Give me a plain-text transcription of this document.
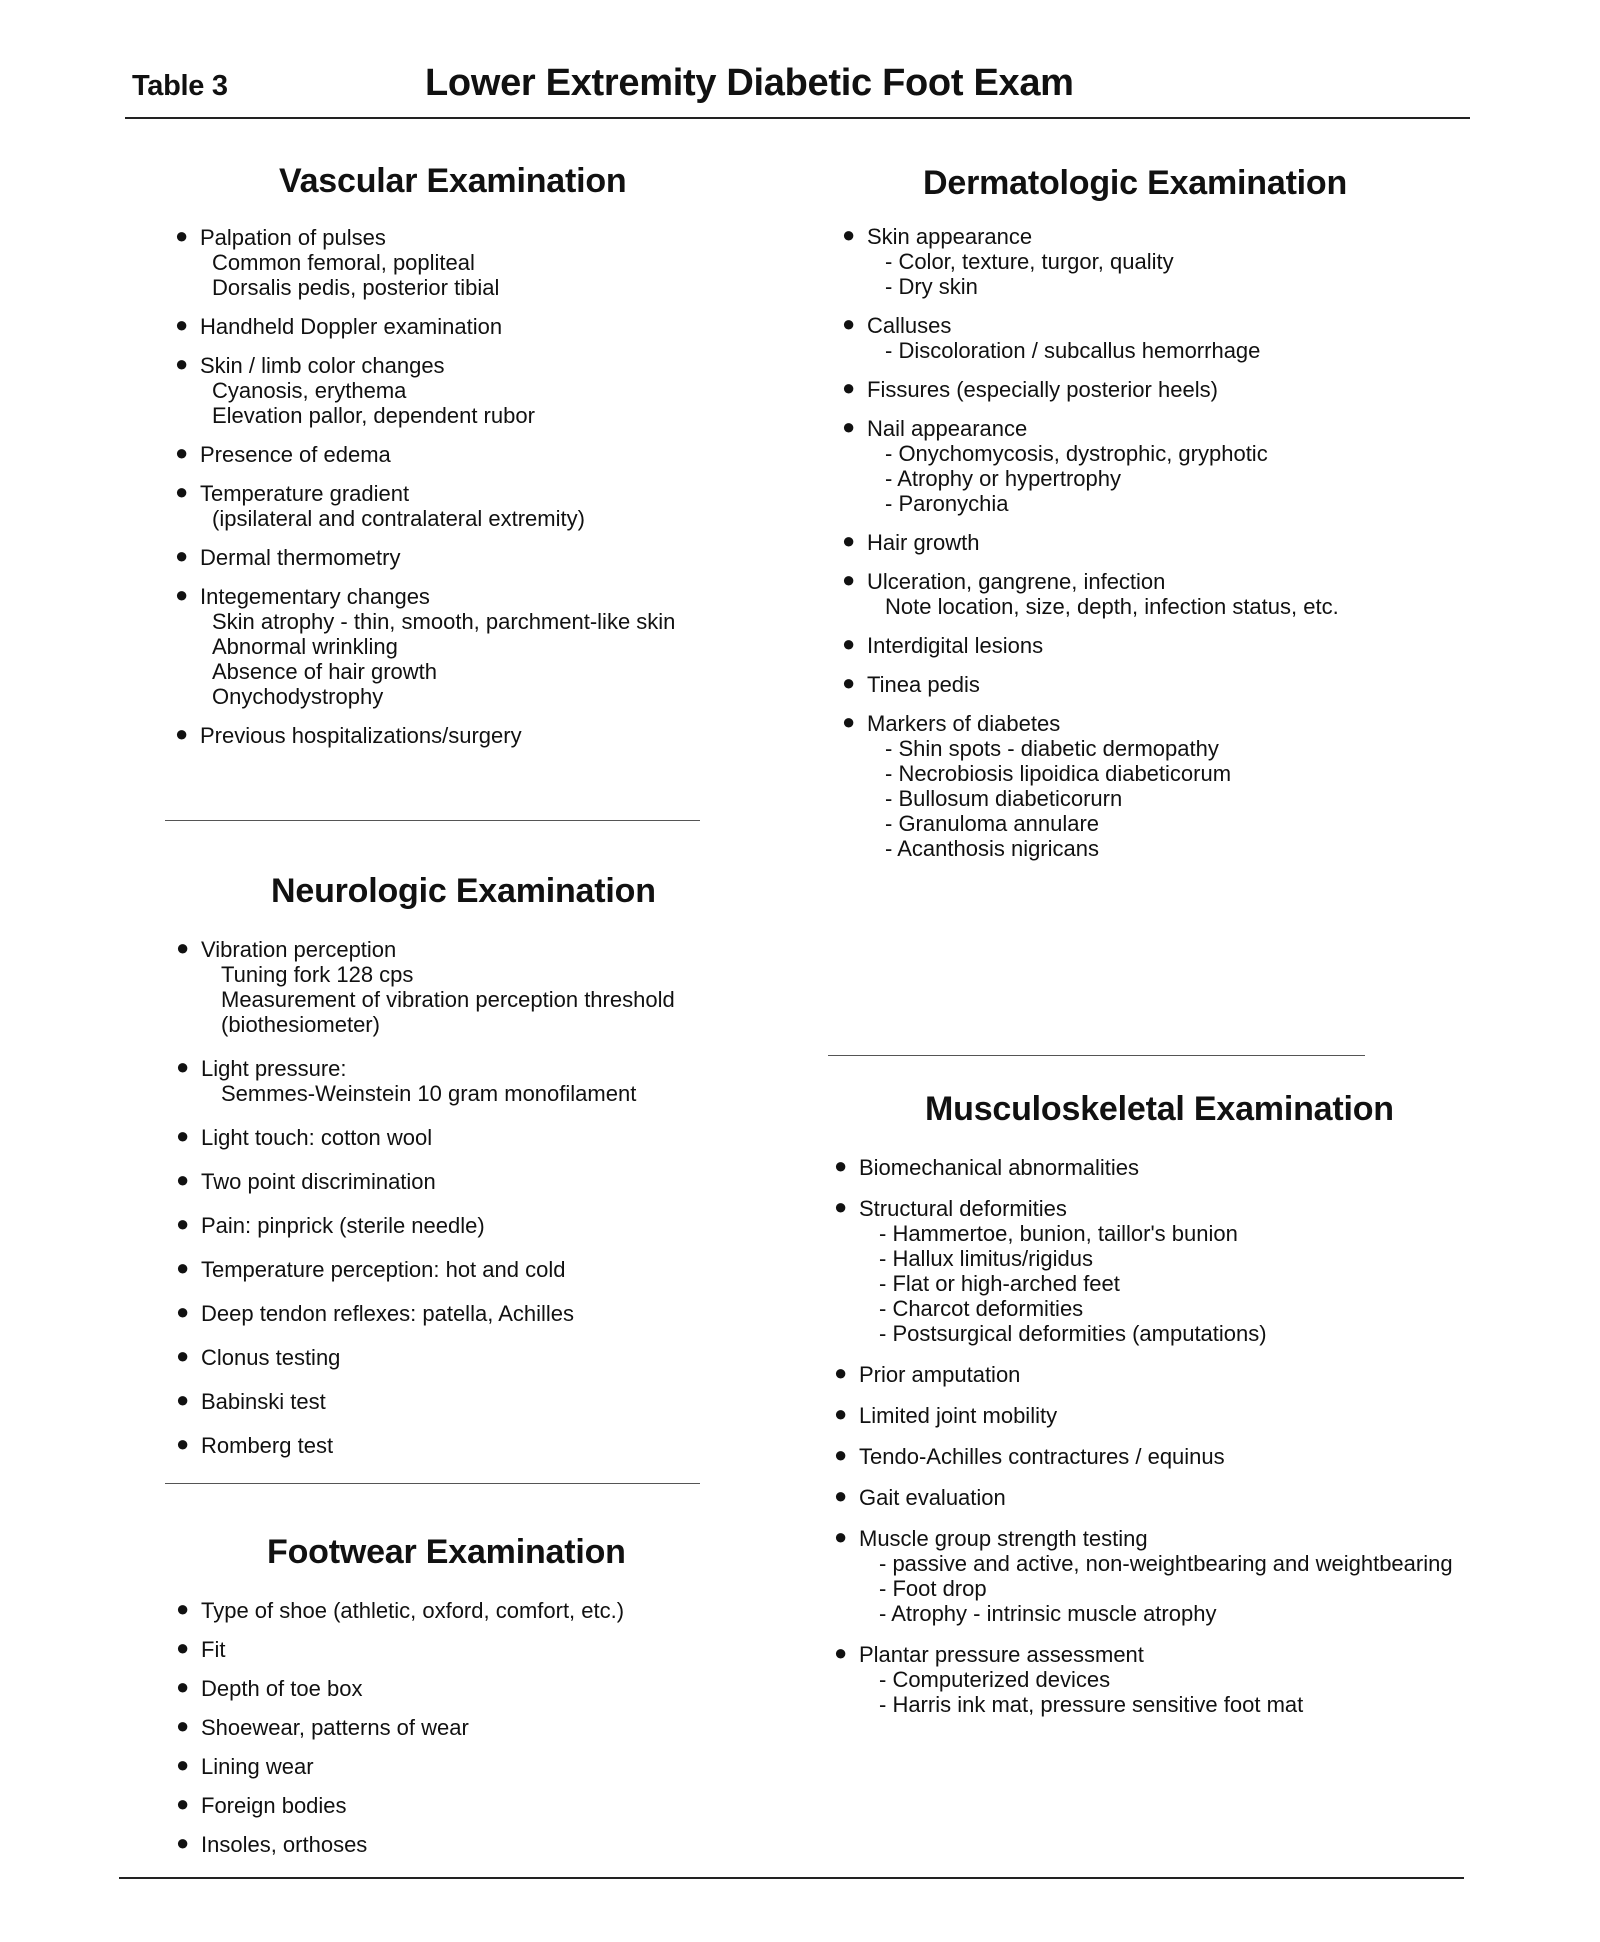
Table 3	Lower Extremity Diabetic Foot Exam
Vascular Examination
● Palpation of pulses
Common femoral, popliteal
Dorsalis pedis, posterior tibial
● Handheld Doppler examination
● Skin / limb color changes
Cyanosis, erythema
Elevation pallor, dependent rubor
● Presence of edema
● Temperature gradient
(ipsilateral and contralateral extremity)
● Dermal thermometry
● Integementary changes
Skin atrophy - thin, smooth, parchment-like skin
Abnormal wrinkling
Absence of hair growth
Onychodystrophy
● Previous hospitalizations/surgery
Neurologic Examination
● Vibration perception
Tuning fork 128 cps
Measurement of vibration perception threshold
(biothesiometer)
● Light pressure:
Semmes-Weinstein 10 gram monofilament
● Light touch: cotton wool
● Two point discrimination
● Pain: pinprick (sterile needle)
● Temperature perception: hot and cold
● Deep tendon reflexes: patella, Achilles
● Clonus testing
● Babinski test
● Romberg test
Footwear Examination
● Type of shoe (athletic, oxford, comfort, etc.)
● Fit
● Depth of toe box
● Shoewear, patterns of wear
● Lining wear
● Foreign bodies
● Insoles, orthoses
Dermatologic Examination
● Skin appearance
- Color, texture, turgor, quality
- Dry skin
● Calluses
- Discoloration / subcallus hemorrhage
● Fissures (especially posterior heels)
● Nail appearance
- Onychomycosis, dystrophic, gryphotic
- Atrophy or hypertrophy
- Paronychia
● Hair growth
● Ulceration, gangrene, infection
Note location, size, depth, infection status, etc.
● Interdigital lesions
● Tinea pedis
● Markers of diabetes
- Shin spots - diabetic dermopathy
- Necrobiosis lipoidica diabeticorum
- Bullosum diabeticorurn
- Granuloma annulare
- Acanthosis nigricans
Musculoskeletal Examination
● Biomechanical abnormalities
● Structural deformities
- Hammertoe, bunion, taillor's bunion
- Hallux limitus/rigidus
- Flat or high-arched feet
- Charcot deformities
- Postsurgical deformities (amputations)
● Prior amputation
● Limited joint mobility
● Tendo-Achilles contractures / equinus
● Gait evaluation
● Muscle group strength testing
- passive and active, non-weightbearing and weightbearing
- Foot drop
- Atrophy - intrinsic muscle atrophy
● Plantar pressure assessment
- Computerized devices
- Harris ink mat, pressure sensitive foot mat
